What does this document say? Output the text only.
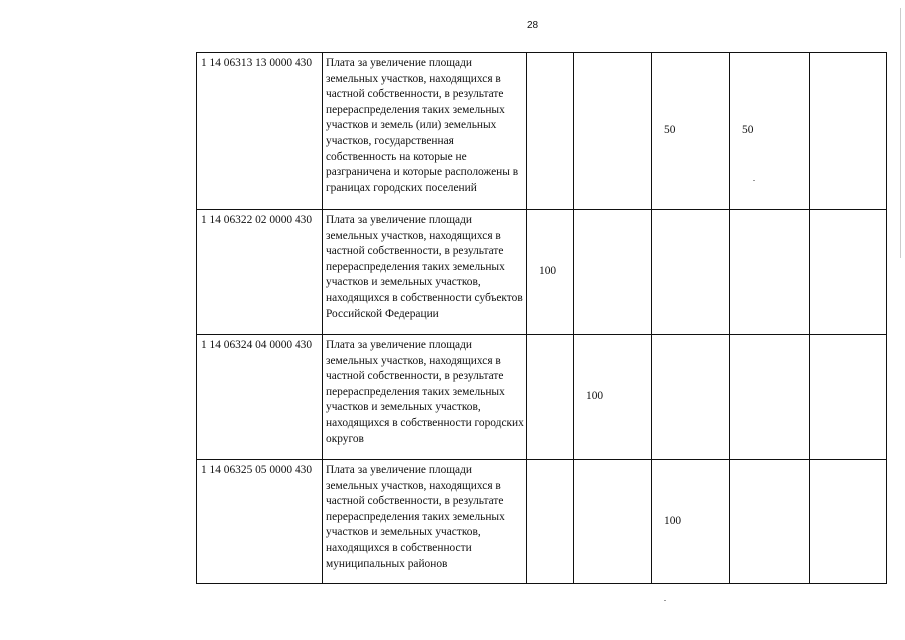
28
1 14 06313 13 0000 430	Плата за увеличение площади земельных участков, находящихся в частной собственности, в результате перераспределения таких земельных участков и земель (или) земельных участков, государственная собственность на которые не разграничена и которые расположены в границах городских поселений			50	50	
1 14 06322 02 0000 430	Плата за увеличение площади земельных участков, находящихся в частной собственности, в результате перераспределения таких земельных участков и земельных участков, находящихся в собственности субъектов Российской Федерации	100				
1 14 06324 04 0000 430	Плата за увеличение площади земельных участков, находящихся в частной собственности, в результате перераспределения таких земельных участков и земельных участков, находящихся в собственности городских округов		100			
1 14 06325 05 0000 430	Плата за увеличение площади земельных участков, находящихся в частной собственности, в результате перераспределения таких земельных участков и земельных участков, находящихся в собственности муниципальных районов			100		
